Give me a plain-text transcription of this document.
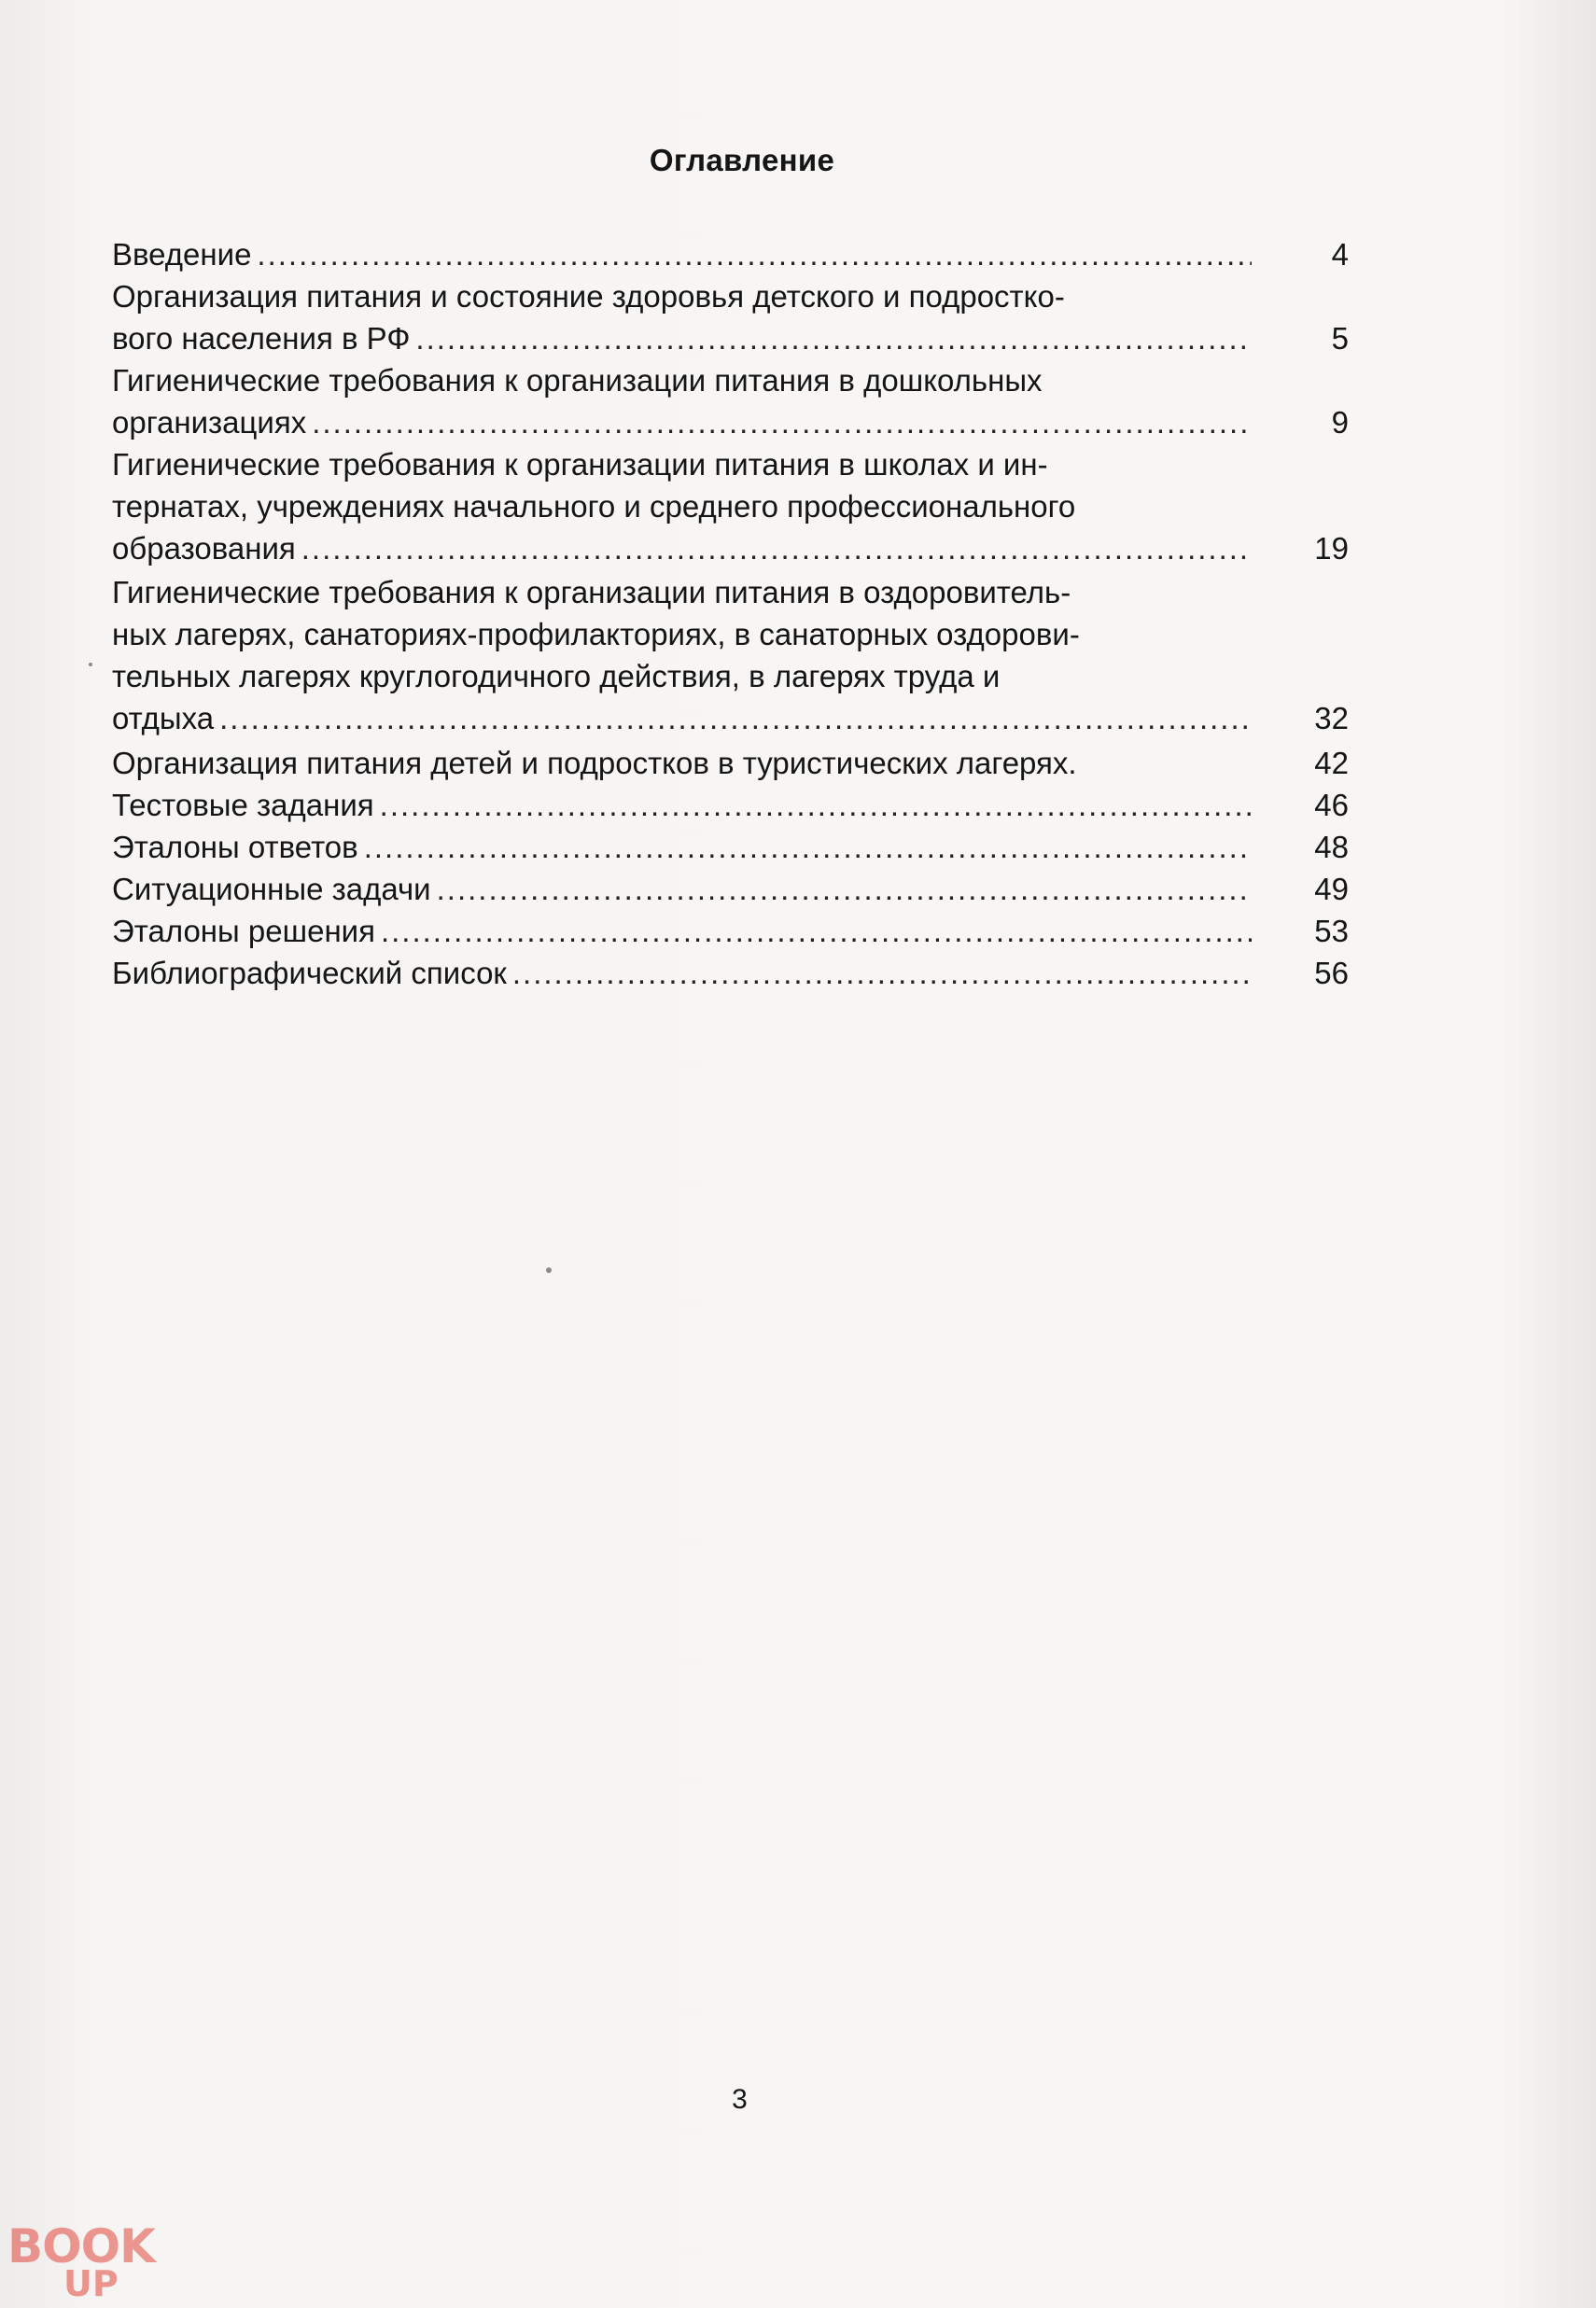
Оглавление
Введение .....	4
Организация питания и состояние здоровья детского и подростко-
вого населения в РФ .....	5
Гигиенические требования к организации питания в дошкольных
организациях .....	9
Гигиенические требования к организации питания в школах и ин-
тернатах, учреждениях начального и среднего профессионального
образования .....	19
Гигиенические требования к организации питания в оздоровитель-
ных лагерях, санаториях-профилакториях, в санаторных оздорови-
тельных лагерях круглогодичного действия, в лагерях труда и
отдыха .....	32
Организация питания детей и подростков в туристических лагерях.	42
Тестовые задания .....	46
Эталоны ответов .....	48
Ситуационные задачи .....	49
Эталоны решения .....	53
Библиографический список .....	56
3
BOOK
UP
